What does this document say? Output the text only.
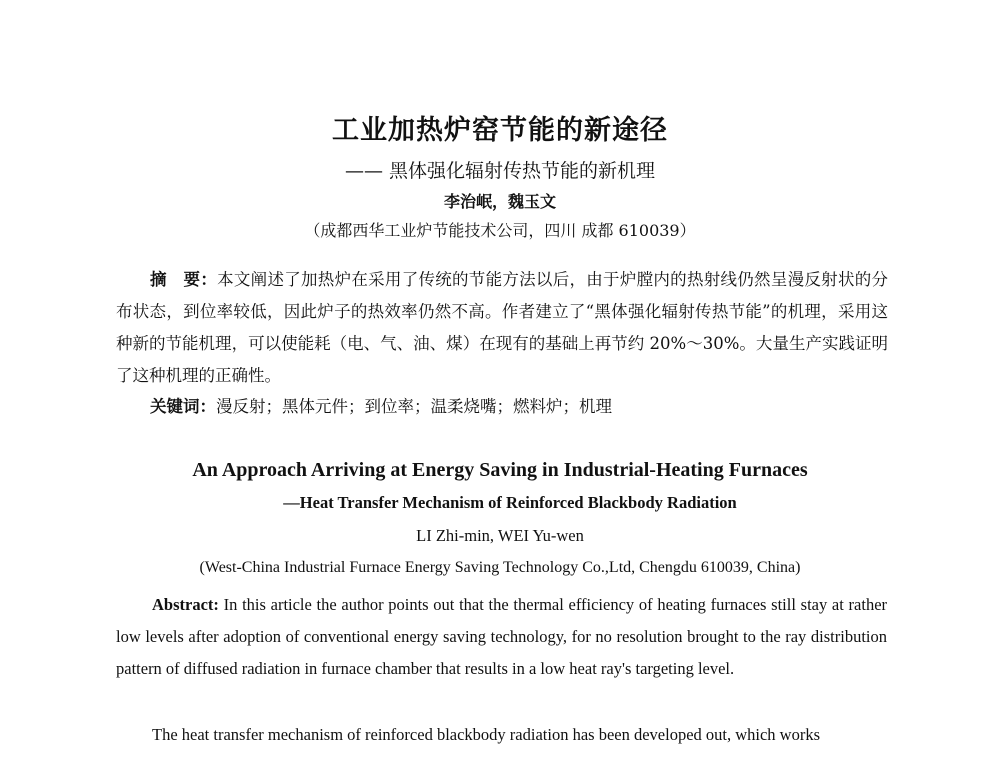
工业加热炉窑节能的新途径
—— 黑体强化辐射传热节能的新机理
李治岷，魏玉文
（成都西华工业炉节能技术公司，四川 成都 610039）
摘　要：本文阐述了加热炉在采用了传统的节能方法以后，由于炉膛内的热射线仍然呈漫反射状的分布状态，到位率较低，因此炉子的热效率仍然不高。作者建立了“黑体强化辐射传热节能”的机理，采用这种新的节能机理，可以使能耗（电、气、油、煤）在现有的基础上再节约 20%～30%。大量生产实践证明了这种机理的正确性。
关键词：漫反射；黑体元件；到位率；温柔烧嘴；燃料炉；机理
An Approach Arriving at Energy Saving in Industrial-Heating Furnaces
—Heat Transfer Mechanism of Reinforced Blackbody Radiation
LI Zhi-min, WEI Yu-wen
(West-China Industrial Furnace Energy Saving Technology Co.,Ltd, Chengdu 610039, China)

Abstract: In this article the author points out that the thermal efficiency of heating furnaces still stay at rather low levels after adoption of conventional energy saving technology, for no resolution brought to the ray distribution pattern of diffused radiation in furnace chamber that results in a low heat ray's targeting level.

The heat transfer mechanism of reinforced blackbody radiation has been developed out, which works
